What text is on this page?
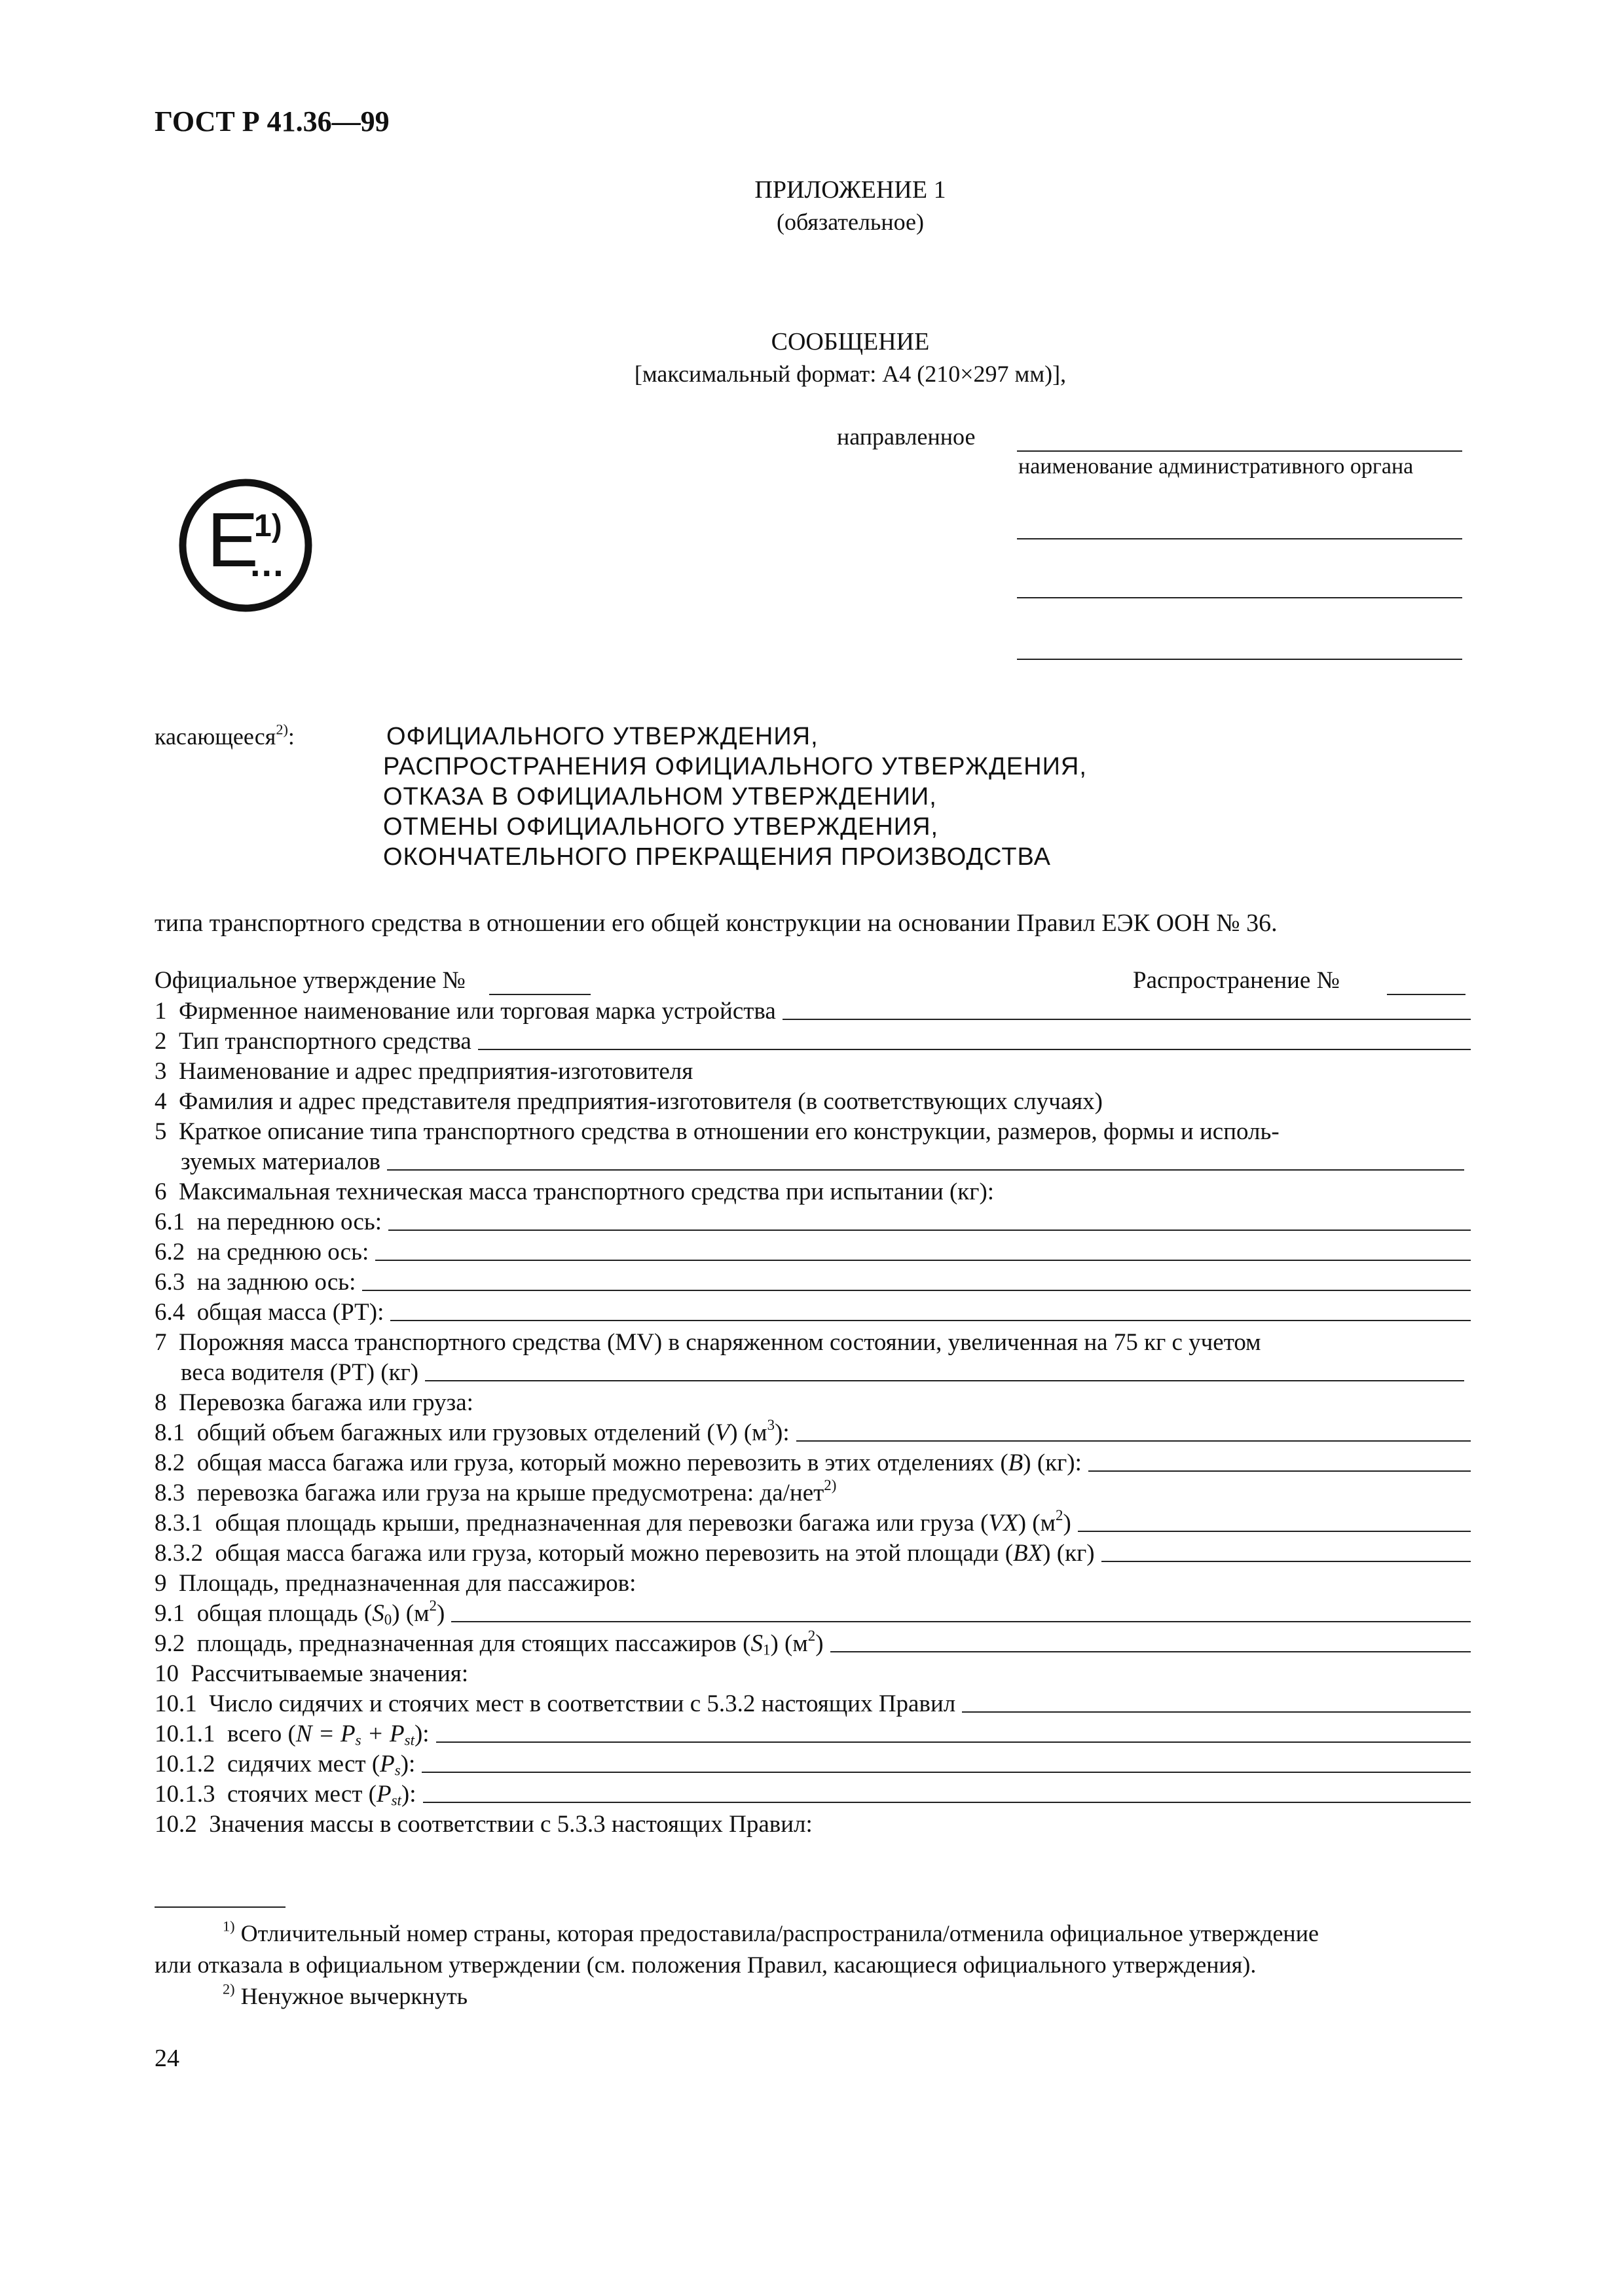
ГОСТ Р 41.36—99
ПРИЛОЖЕНИЕ 1
(обязательное)
СООБЩЕНИЕ
[максимальный формат: А4 (210×297 мм)],
направленное
наименование административного органа
E
1)
...
касающееся$^{2)}$:	ОФИЦИАЛЬНОГО УТВЕРЖДЕНИЯ,
РАСПРОСТРАНЕНИЯ ОФИЦИАЛЬНОГО УТВЕРЖДЕНИЯ,
ОТКАЗА В ОФИЦИАЛЬНОМ УТВЕРЖДЕНИИ,
ОТМЕНЫ ОФИЦИАЛЬНОГО УТВЕРЖДЕНИЯ,
ОКОНЧАТЕЛЬНОГО ПРЕКРАЩЕНИЯ ПРОИЗВОДСТВА
типа транспортного средства в отношении его общей конструкции на основании Правил ЕЭК ООН № 36.
Официальное утверждение №	Распространение №
1 Фирменное наименование или торговая марка устройства
2 Тип транспортного средства
3 Наименование и адрес предприятия-изготовителя
4 Фамилия и адрес представителя предприятия-изготовителя (в соответствующих случаях)
5 Краткое описание типа транспортного средства в отношении его конструкции, размеров, формы и исполь-
зуемых материалов
6 Максимальная техническая масса транспортного средства при испытании (кг):
6.1 на переднюю ось:
6.2 на среднюю ось:
6.3 на заднюю ось:
6.4 общая масса (РТ):
7 Порожняя масса транспортного средства (MV) в снаряженном состоянии, увеличенная на 75 кг с учетом
веса водителя (РТ) (кг)
8 Перевозка багажа или груза:
8.1 общий объем багажных или грузовых отделений (V) $(м^3)$:
8.2 общая масса багажа или груза, который можно перевозить в этих отделениях (B) (кг):
8.3 перевозка багажа или груза на крыше предусмотрена: да/нет$^{2)}$
8.3.1 общая площадь крыши, предназначенная для перевозки багажа или груза (VX) $(м^2)$
8.3.2 общая масса багажа или груза, который можно перевозить на этой площади (BX) (кг)
9 Площадь, предназначенная для пассажиров:
9.1 общая площадь $(S_0)$ $(м^2)$
9.2 площадь, предназначенная для стоящих пассажиров $(S_1)$ $(м^2)$
10 Рассчитываемые значения:
10.1 Число сидячих и стоячих мест в соответствии с 5.3.2 настоящих Правил
10.1.1 всего $(N = P_s + P_{st})$:
10.1.2 сидячих мест $(P_s)$:
10.1.3 стоячих мест $(P_{st})$:
10.2 Значения массы в соответствии с 5.3.3 настоящих Правил:
$^{1)}$ Отличительный номер страны, которая предоставила/распространила/отменила официальное утверждение
или отказала в официальном утверждении (см. положения Правил, касающиеся официального утверждения).
$^{2)}$ Ненужное вычеркнуть
24
